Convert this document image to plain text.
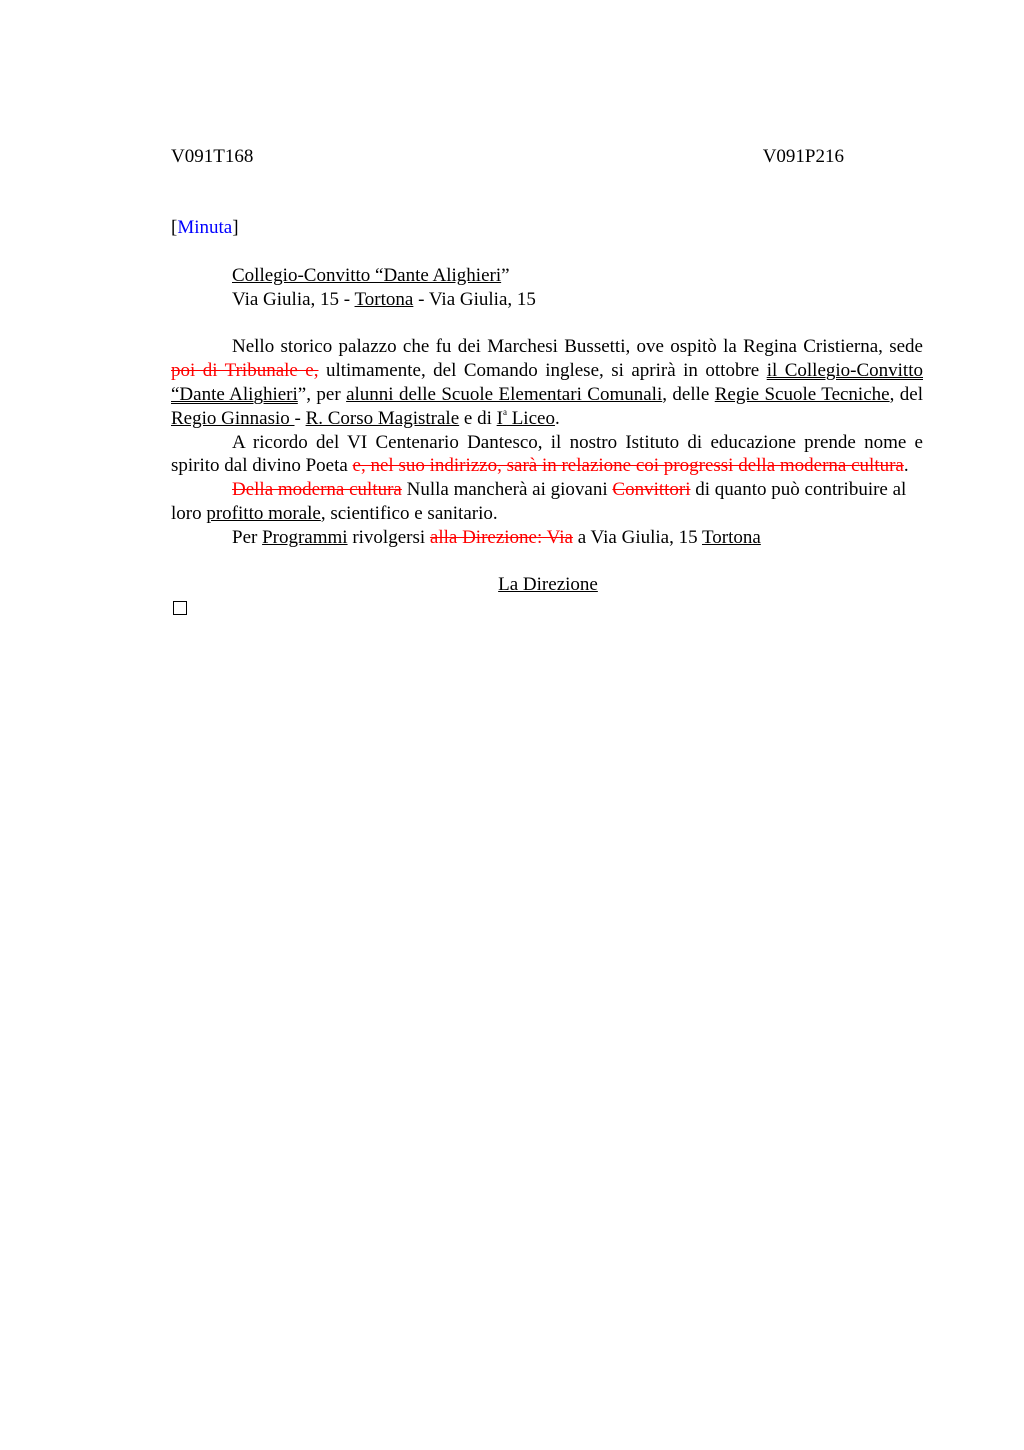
V091T168	V091P216
[Minuta]
Collegio-Convitto “Dante Alighieri”
Via Giulia, 15 - Tortona - Via Giulia, 15

Nello storico palazzo che fu dei Marchesi Bussetti, ove ospitò la Regina Cristierna, sede poi di Tribunale e, ultimamente, del Comando inglese, si aprirà in ottobre il Collegio-Convitto “Dante Alighieri”, per alunni delle Scuole Elementari Comunali, delle Regie Scuole Tecniche, del Regio Ginnasio - R. Corso Magistrale e di $I^a$ Liceo.

A ricordo del VI Centenario Dantesco, il nostro Istituto di educazione prende nome e spirito dal divino Poeta e, nel suo indirizzo, sarà in relazione coi progressi della moderna cultura.

Della moderna cultura Nulla mancherà ai giovani Convittori di quanto può contribuire al loro profitto morale, scientifico e sanitario.

Per Programmi rivolgersi alla Direzione: Via a Via Giulia, 15 Tortona

La Direzione
